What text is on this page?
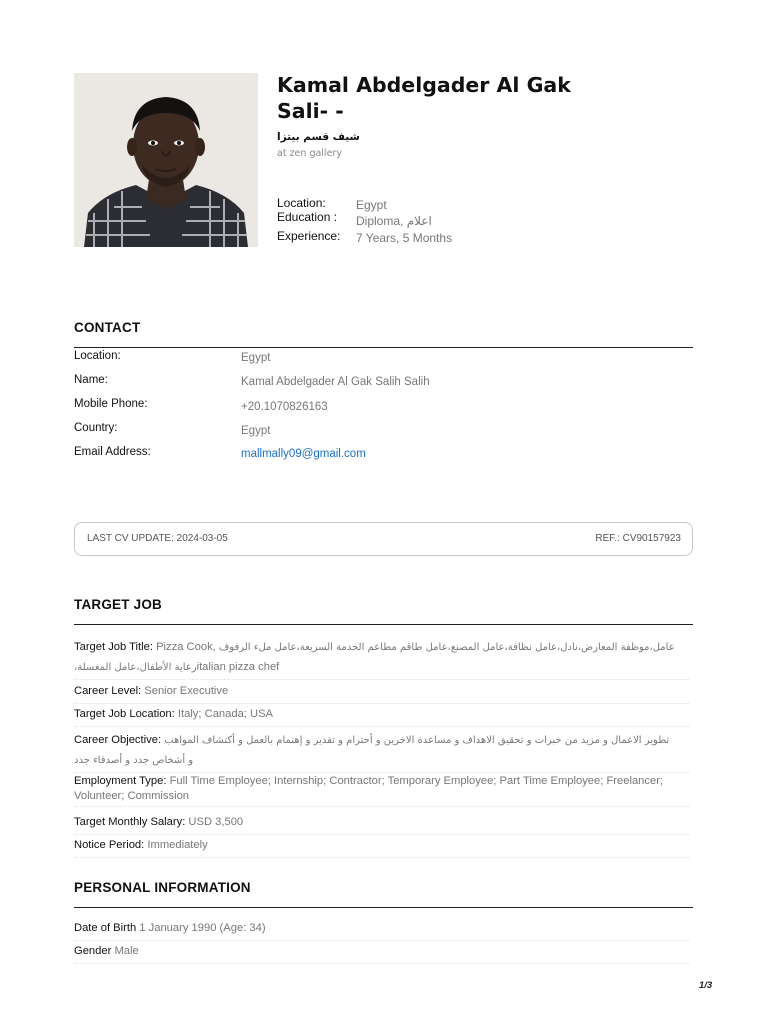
Kamal Abdelgader Al Gak
Sali- -
شيف قسم بيتزا
at zen gallery
Location:	Egypt
Education : Diploma, اعلام
Experience: 7 Years, 5 Months
CONTACT
Location:	Egypt
Name:	Kamal Abdelgader Al Gak Salih Salih
Mobile Phone:	+20.1070826163
Country:	Egypt
Email Address:	mallmally09@gmail.com
LAST CV UPDATE: 2024-03-05	REF.: CV90157923
TARGET JOB
Target Job Title: Pizza Cook, عامل،موظفة المعارض،نادل،عامل نظافة،عامل المصنع،عامل طاقم مطاعم الخدمة السريعة،عامل ملء الرفوف
رعاية الأطفال،عامل المغسلة،italian pizza chef
Career Level: Senior Executive
Target Job Location: Italy; Canada; USA
Career Objective: تطوير الاعمال و مزيد من خبرات و تحقيق الاهداف و مساعدة الاخرين و أحترام و تقدير و إهتمام بالعمل و أكتشاف المواهب
و أشخاص جدد و أصدقاء جدد
Employment Type: Full Time Employee; Internship; Contractor; Temporary Employee; Part Time Employee; Freelancer; Volunteer; Commission
Target Monthly Salary: USD 3,500
Notice Period: Immediately
PERSONAL INFORMATION
Date of Birth 1 January 1990 (Age: 34)
Gender Male
1/3
